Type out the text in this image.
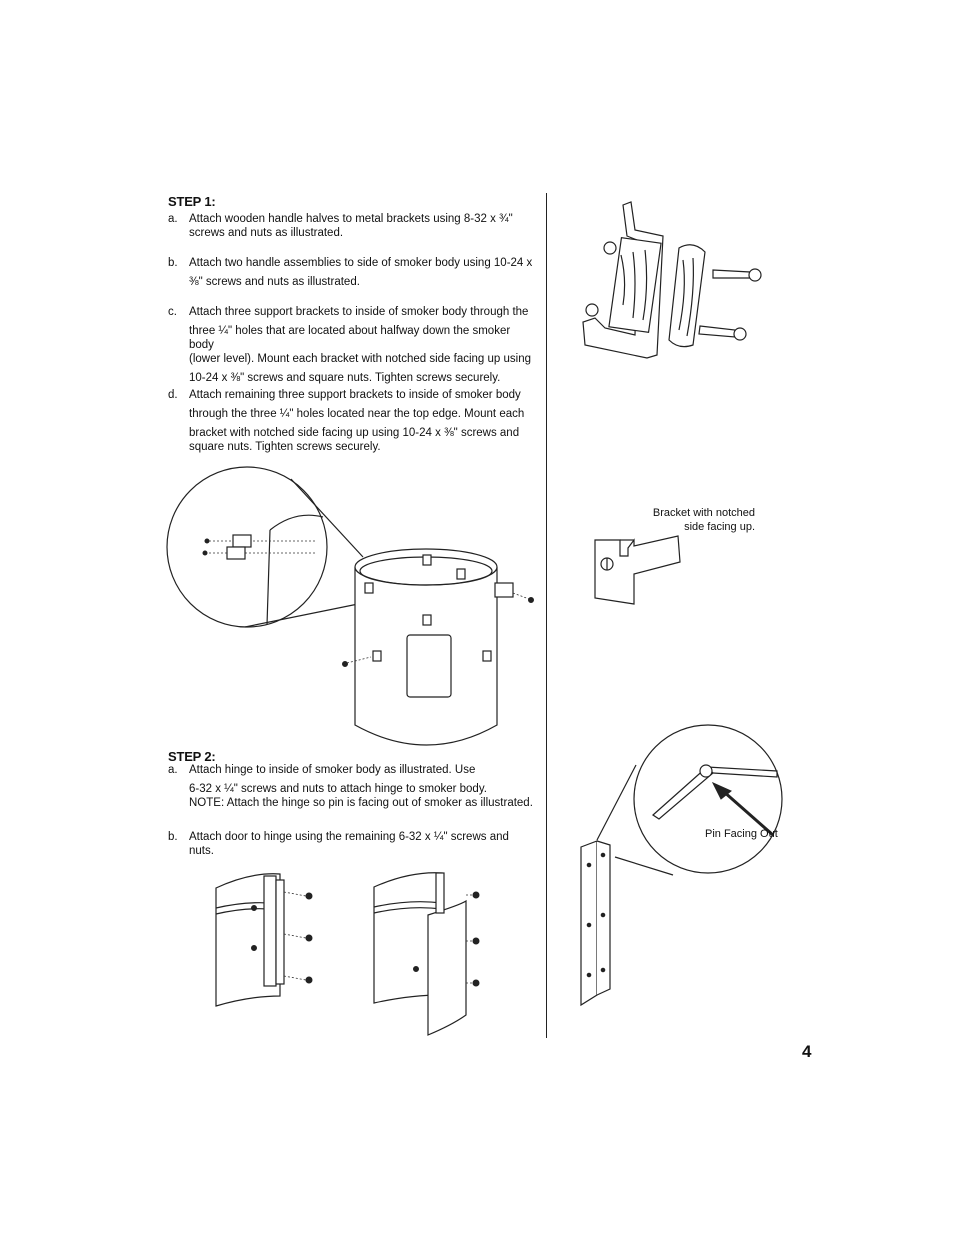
STEP 1:
a. Attach wooden handle halves to metal brackets using 8-32 x ¾"
screws and nuts as illustrated.
b. Attach two handle assemblies to side of smoker body using 10-24 x
⅜" screws and nuts as illustrated.
c. Attach three support brackets to inside of smoker body through the
three ¼" holes that are located about halfway down the smoker body
(lower level). Mount each bracket with notched side facing up using
10-24 x ⅜" screws and square nuts. Tighten screws securely.
d. Attach remaining three support brackets to inside of smoker body
through the three ¼" holes located near the top edge. Mount each
bracket with notched side facing up using 10-24 x ⅜" screws and
square nuts. Tighten screws securely.
STEP 2:
a. Attach hinge to inside of smoker body as illustrated. Use
6-32 x ¼" screws and nuts to attach hinge to smoker body.
NOTE: Attach the hinge so pin is facing out of smoker as illustrated.
b. Attach door to hinge using the remaining 6-32 x ¼" screws and nuts.
Bracket with notched
side facing up.
Pin Facing Out
4
